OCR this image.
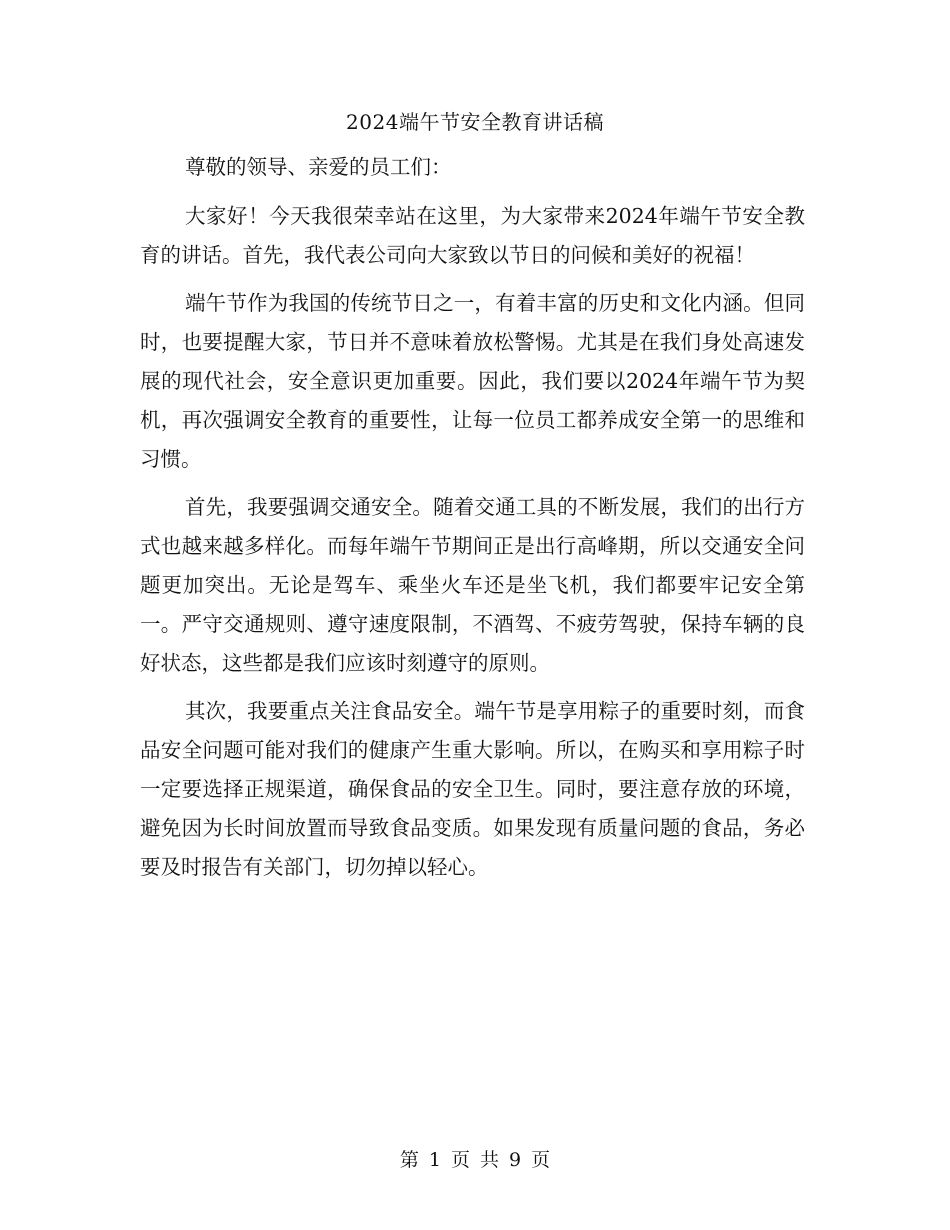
2024端午节安全教育讲话稿

尊敬的领导、亲爱的员工们：

大家好！今天我很荣幸站在这里，为大家带来2024年端午节安全教育的讲话。首先，我代表公司向大家致以节日的问候和美好的祝福！

端午节作为我国的传统节日之一，有着丰富的历史和文化内涵。但同时，也要提醒大家，节日并不意味着放松警惕。尤其是在我们身处高速发展的现代社会，安全意识更加重要。因此，我们要以2024年端午节为契机，再次强调安全教育的重要性，让每一位员工都养成安全第一的思维和习惯。

首先，我要强调交通安全。随着交通工具的不断发展，我们的出行方式也越来越多样化。而每年端午节期间正是出行高峰期，所以交通安全问题更加突出。无论是驾车、乘坐火车还是坐飞机，我们都要牢记安全第一。严守交通规则、遵守速度限制，不酒驾、不疲劳驾驶，保持车辆的良好状态，这些都是我们应该时刻遵守的原则。

其次，我要重点关注食品安全。端午节是享用粽子的重要时刻，而食品安全问题可能对我们的健康产生重大影响。所以，在购买和享用粽子时一定要选择正规渠道，确保食品的安全卫生。同时，要注意存放的环境，避免因为长时间放置而导致食品变质。如果发现有质量问题的食品，务必要及时报告有关部门，切勿掉以轻心。

第 1 页 共 9 页
